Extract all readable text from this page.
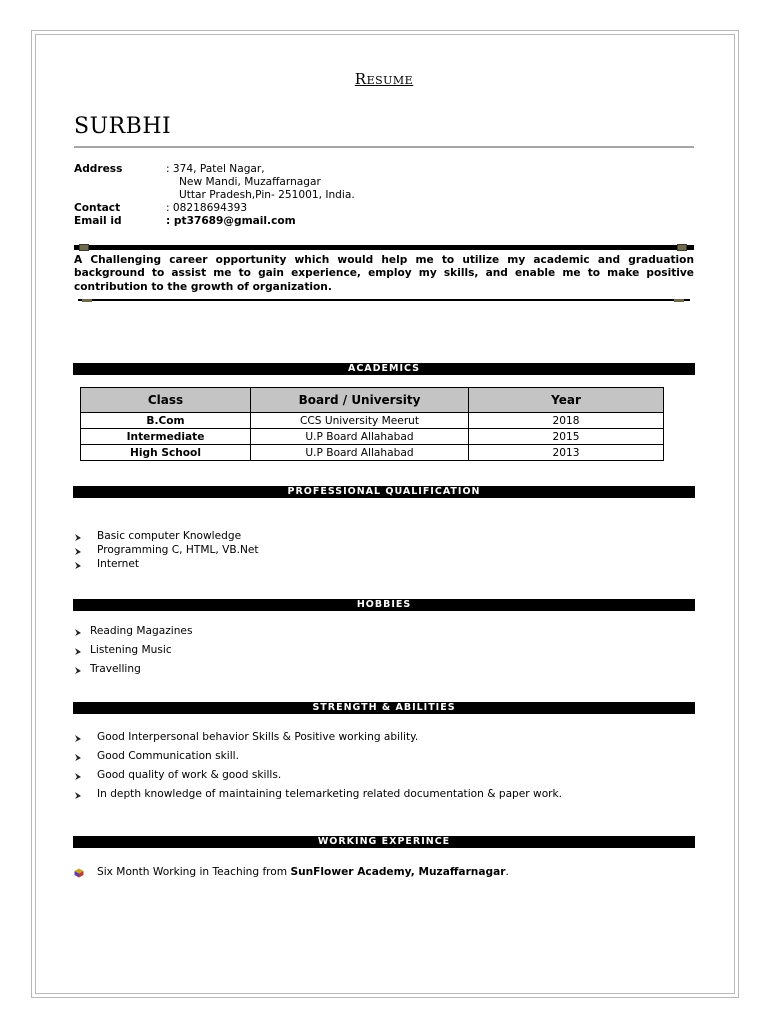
Resume
SURBHI
Address	: 374, Patel Nagar,
New Mandi, Muzaffarnagar
Uttar Pradesh,Pin- 251001, India.
Contact	: 08218694393
Email id	: pt37689@gmail.com
A Challenging career opportunity which would help me to utilize my academic and graduation background to assist me to gain experience, employ my skills, and enable me to make positive contribution to the growth of organization.
ACADEMICS
Class	Board / University	Year
B.Com	CCS University Meerut	2018
Intermediate	U.P Board Allahabad	2015
High School	U.P Board Allahabad	2013
PROFESSIONAL QUALIFICATION
Basic computer Knowledge
Programming C, HTML, VB.Net
Internet
HOBBIES
Reading Magazines
Listening Music
Travelling
STRENGTH & ABILITIES
Good Interpersonal behavior Skills & Positive working ability.
Good Communication skill.
Good quality of work & good skills.
In depth knowledge of maintaining telemarketing related documentation & paper work.
WORKING EXPERINCE
Six Month Working in Teaching from SunFlower Academy, Muzaffarnagar.
